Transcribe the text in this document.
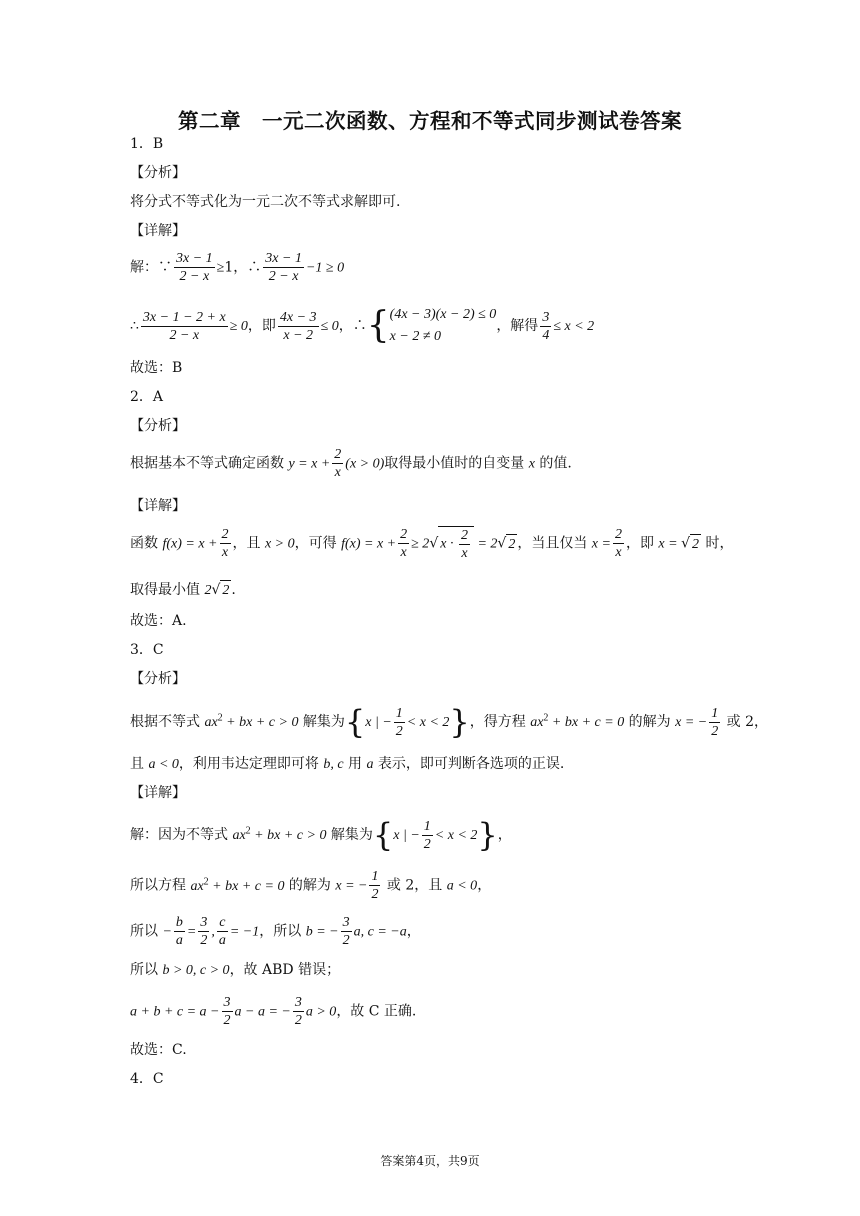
第二章　一元二次函数、方程和不等式同步测试卷答案
1．B
【分析】
将分式不等式化为一元二次不等式求解即可.
【详解】
解：∵ $\frac{3x - 1}{2 - x} \ge 1$，∴ $\frac{3x - 1}{2 - x} -1 \ge 0$
∴ $\frac{3x - 1 - 2 + x}{2 - x} \ge 0$，即 $\frac{4x - 3}{x - 2} \le 0$，∴{ (4x − 3)(x − 2) ≤ 0
x − 2 ≠ 0
，解得 $\frac{3}{4} \le x < 2$
故选：B
2．A
【分析】
根据基本不等式确定函数 $y = x + \frac{2}{x} (x > 0)$取得最小值时的自变量 x 的值.
【详解】
函数 $f(x) = x + \frac{2}{x}$ ，且 x > 0，可得 $f(x) = x + \frac{2}{x} \ge 2√$ $x \cdot \frac{2}{x} = 2√$ 2 ，当且仅当 $x = \frac{2}{x}$ ，即 x = √ 2 时，
取得最小值 2√ 2 .
故选：A.
3．C
【分析】
根据不等式 $ax^2$ + bx + c > 0 解集为{x | − $\frac{1}{2} < x < 2$}，得方程 $ax^2$ + bx + c = 0 的解为 x = − $\frac{1}{2}$ 或 2，
且 a < 0，利用韦达定理即可将 b, c 用 a 表示，即可判断各选项的正误.
【详解】
解：因为不等式 $ax^2$ + bx + c > 0 解集为{x | − $\frac{1}{2} < x < 2$}，
所以方程 $ax^2$ + bx + c = 0 的解为 x = − $\frac{1}{2}$ 或 2，且 a < 0，
所以 − $\frac{b}{a} = \frac{3}{2}$ , $\frac{c}{a} = -1$，所以 b = − $\frac{3}{2} a$, c = −a，
所以 b > 0, c > 0，故 ABD 错误；
$a + b + c = a - \frac{3}{2}$ a − a = − $\frac{3}{2}$ a > 0，故 C 正确.
故选：C.
4．C
答案第4页，共9页
